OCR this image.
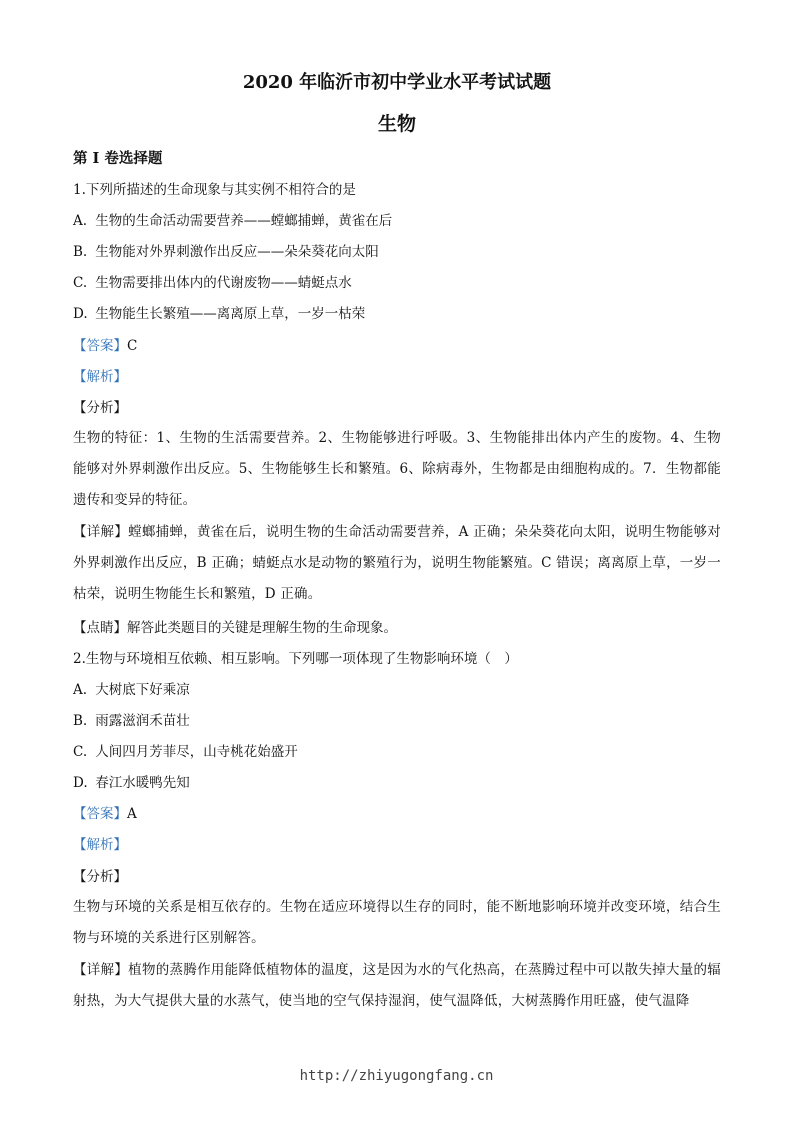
2020 年临沂市初中学业水平考试试题
生物
第 I 卷选择题
1.下列所描述的生命现象与其实例不相符合的是
A. 生物的生命活动需要营养——螳螂捕蝉，黄雀在后
B. 生物能对外界刺激作出反应——朵朵葵花向太阳
C. 生物需要排出体内的代谢废物——蜻蜓点水
D. 生物能生长繁殖——离离原上草，一岁一枯荣
【答案】C
【解析】
【分析】
生物的特征：1、生物的生活需要营养。2、生物能够进行呼吸。3、生物能排出体内产生的废物。4、生物能够对外界刺激作出反应。5、生物能够生长和繁殖。6、除病毒外，生物都是由细胞构成的。7．生物都能遗传和变异的特征。
【详解】螳螂捕蝉，黄雀在后，说明生物的生命活动需要营养，A 正确；朵朵葵花向太阳，说明生物能够对外界刺激作出反应，B 正确；蜻蜓点水是动物的繁殖行为，说明生物能繁殖。C 错误；离离原上草，一岁一枯荣，说明生物能生长和繁殖，D 正确。
【点睛】解答此类题目的关键是理解生物的生命现象。
2.生物与环境相互依赖、相互影响。下列哪一项体现了生物影响环境（　）
A. 大树底下好乘凉
B. 雨露滋润禾苗壮
C. 人间四月芳菲尽，山寺桃花始盛开
D. 春江水暖鸭先知
【答案】A
【解析】
【分析】
生物与环境的关系是相互依存的。生物在适应环境得以生存的同时，能不断地影响环境并改变环境，结合生物与环境的关系进行区别解答。
【详解】植物的蒸腾作用能降低植物体的温度，这是因为水的气化热高，在蒸腾过程中可以散失掉大量的辐射热，为大气提供大量的水蒸气，使当地的空气保持湿润，使气温降低，大树蒸腾作用旺盛，使气温降
http://zhiyugongfang.cn
